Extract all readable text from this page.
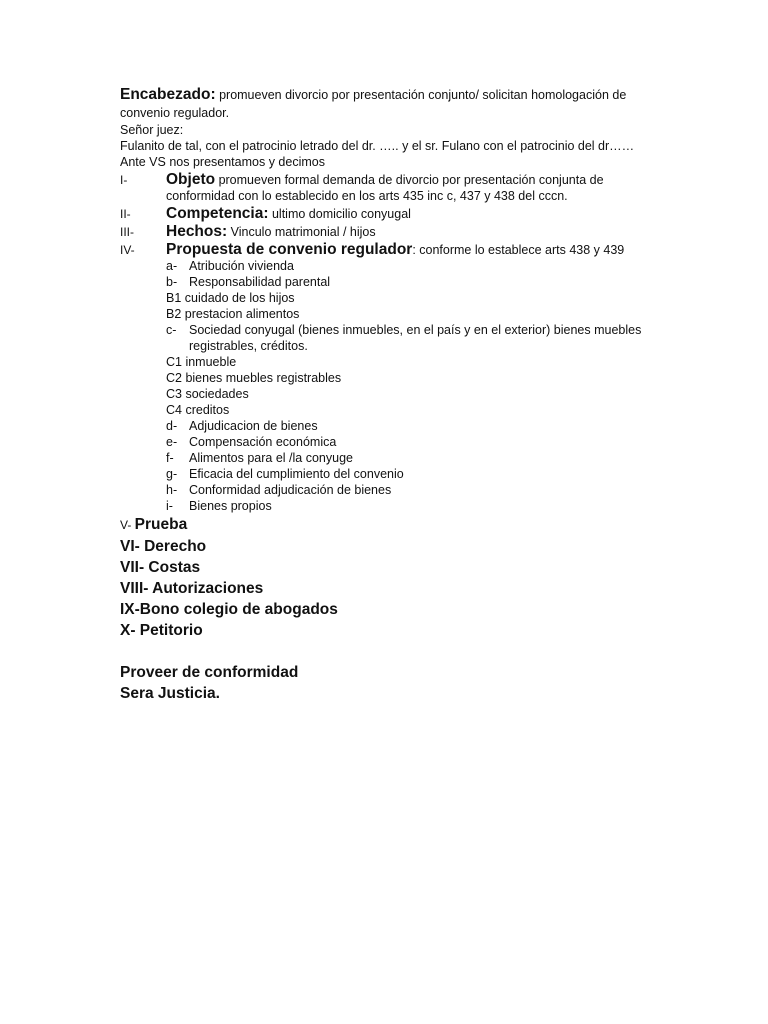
Encabezado: promueven divorcio por presentación conjunto/ solicitan homologación de convenio regulador.

Señor juez:

Fulanito de tal, con el patrocinio letrado del dr. ….. y el sr. Fulano con el patrocinio del dr……

Ante VS nos presentamos y decimos

I-	Objeto promueven formal demanda de divorcio por presentación conjunta de conformidad con lo establecido en los arts 435 inc c, 437 y 438 del cccn.
II-	Competencia: ultimo domicilio conyugal
III-	Hechos: Vinculo matrimonial / hijos
IV-	Propuesta de convenio regulador: conforme lo establece arts 438 y 439
a- Atribución vivienda
b- Responsabilidad parental

B1 cuidado de los hijos

B2 prestacion alimentos

c-	Sociedad conyugal (bienes inmuebles, en el país y en el exterior) bienes muebles registrables, créditos.

C1 inmueble

C2 bienes muebles registrables

C3 sociedades

C4 creditos

d- Adjudicacion de bienes
e- Compensación económica
f-	Alimentos para el /la conyuge
g- Eficacia del cumplimiento del convenio
h- Conformidad adjudicación de bienes
i-	Bienes propios

V- Prueba

VI- Derecho

VII- Costas

VIII- Autorizaciones

IX-Bono colegio de abogados

X- Petitorio

Proveer de conformidad

Sera Justicia.
